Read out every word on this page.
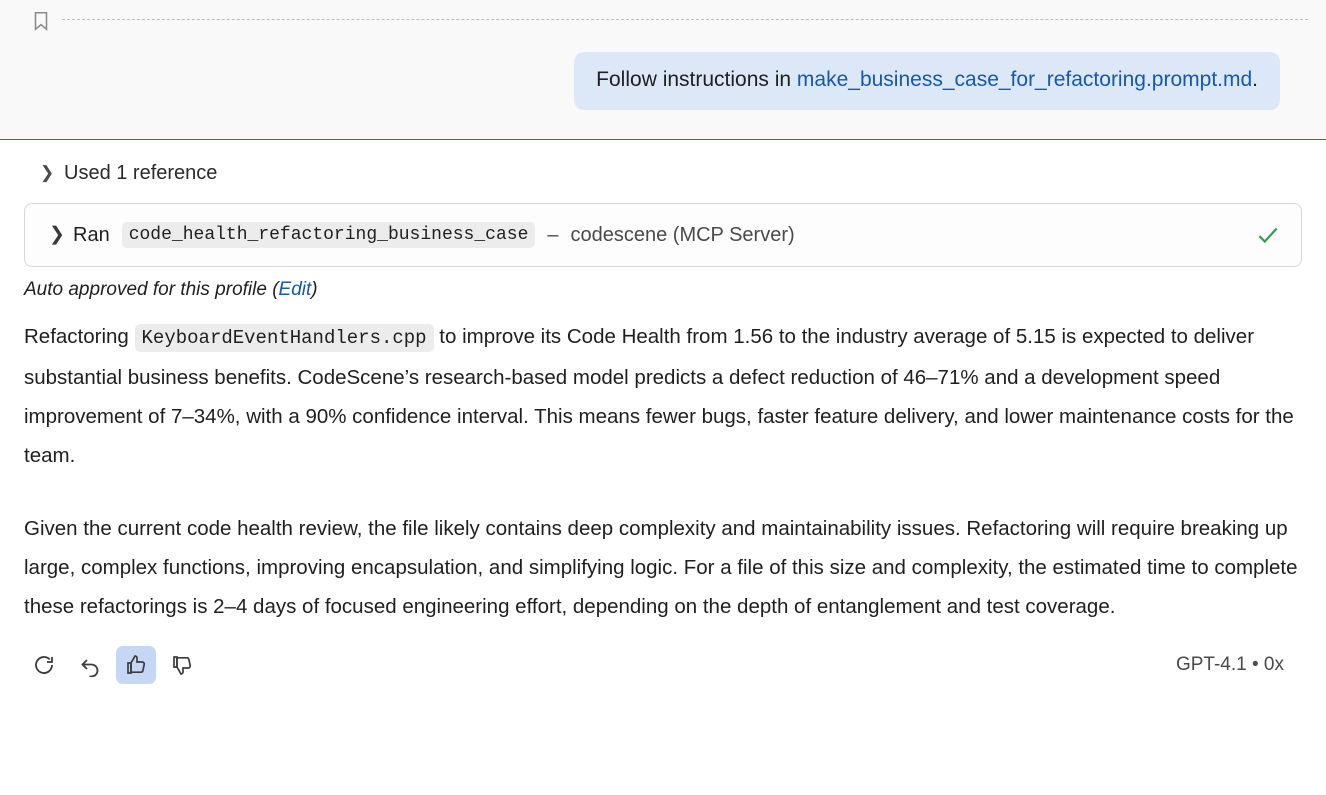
Follow instructions in make_business_case_for_refactoring.prompt.md.
❯ Used 1 reference
❯ Ran	code_health_refactoring_business_case – codescene (MCP Server)
Auto approved for this profile (Edit)
Refactoring KeyboardEventHandlers.cpp to improve its Code Health from 1.56 to the industry average of 5.15 is expected to deliver substantial business benefits. CodeScene’s research-based model predicts a defect reduction of 46–71% and a development speed improvement of 7–34%, with a 90% confidence interval. This means fewer bugs, faster feature delivery, and lower maintenance costs for the team.
Given the current code health review, the file likely contains deep complexity and maintainability issues. Refactoring will require breaking up large, complex functions, improving encapsulation, and simplifying logic. For a file of this size and complexity, the estimated time to complete these refactorings is 2–4 days of focused engineering effort, depending on the depth of entanglement and test coverage.
GPT-4.1 • 0x
